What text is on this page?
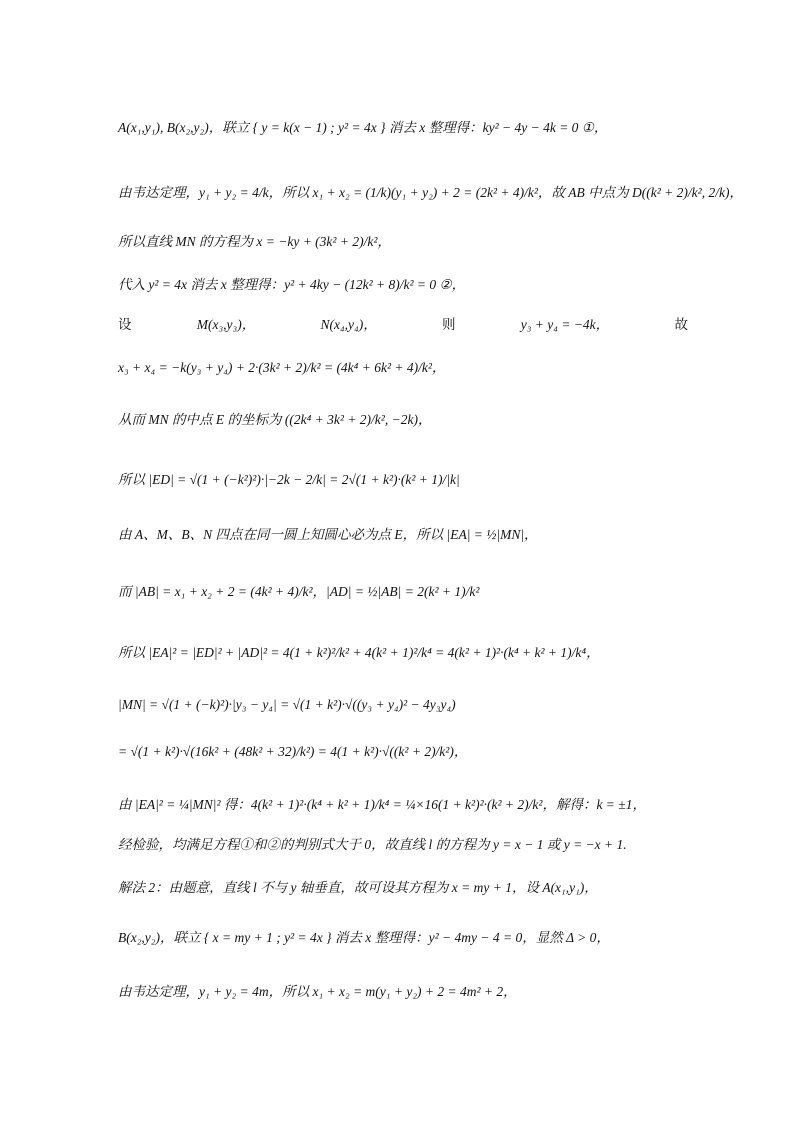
A(x₁,y₁), B(x₂,y₂)，联立 { y = k(x − 1) ; y² = 4x } 消去 x 整理得：ky² − 4y − 4k = 0 ①，
由韦达定理，y₁ + y₂ = 4/k，所以 x₁ + x₂ = (1/k)(y₁ + y₂) + 2 = (2k² + 4)/k²，故 AB 中点为 D((k² + 2)/k², 2/k)，
所以直线 MN 的方程为 x = −ky + (3k² + 2)/k²，
代入 y² = 4x 消去 x 整理得：y² + 4ky − (12k² + 8)/k² = 0 ②，
设	M(x₃,y₃)，	N(x₄,y₄)，	则	y₃ + y₄ = −4k，	故
x₃ + x₄ = −k(y₃ + y₄) + 2·(3k² + 2)/k² = (4k⁴ + 6k² + 4)/k²，
从而 MN 的中点 E 的坐标为 ((2k⁴ + 3k² + 2)/k², −2k)，
所以 |ED| = √(1 + (−k²)²)·|−2k − 2/k| = 2√(1 + k²)·(k² + 1)/|k|
由 A、M、B、N 四点在同一圆上知圆心必为点 E，所以 |EA| = ½|MN|，
而 |AB| = x₁ + x₂ + 2 = (4k² + 4)/k²，|AD| = ½|AB| = 2(k² + 1)/k²
所以 |EA|² = |ED|² + |AD|² = 4(1 + k²)²/k² + 4(k² + 1)²/k⁴ = 4(k² + 1)²·(k⁴ + k² + 1)/k⁴，
|MN| = √(1 + (−k)²)·|y₃ − y₄| = √(1 + k²)·√((y₃ + y₄)² − 4y₃y₄)
= √(1 + k²)·√(16k² + (48k² + 32)/k²) = 4(1 + k²)·√((k² + 2)/k²)，
由 |EA|² = ¼|MN|² 得：4(k² + 1)²·(k⁴ + k² + 1)/k⁴ = ¼×16(1 + k²)²·(k² + 2)/k²，解得：k = ±1，
经检验，均满足方程①和②的判别式大于 0，故直线 l 的方程为 y = x − 1 或 y = −x + 1.
解法 2：由题意，直线 l 不与 y 轴垂直，故可设其方程为 x = my + 1，设 A(x₁,y₁)，
B(x₂,y₂)，联立 { x = my + 1 ; y² = 4x } 消去 x 整理得：y² − 4my − 4 = 0，显然 Δ > 0，
由韦达定理，y₁ + y₂ = 4m，所以 x₁ + x₂ = m(y₁ + y₂) + 2 = 4m² + 2，
